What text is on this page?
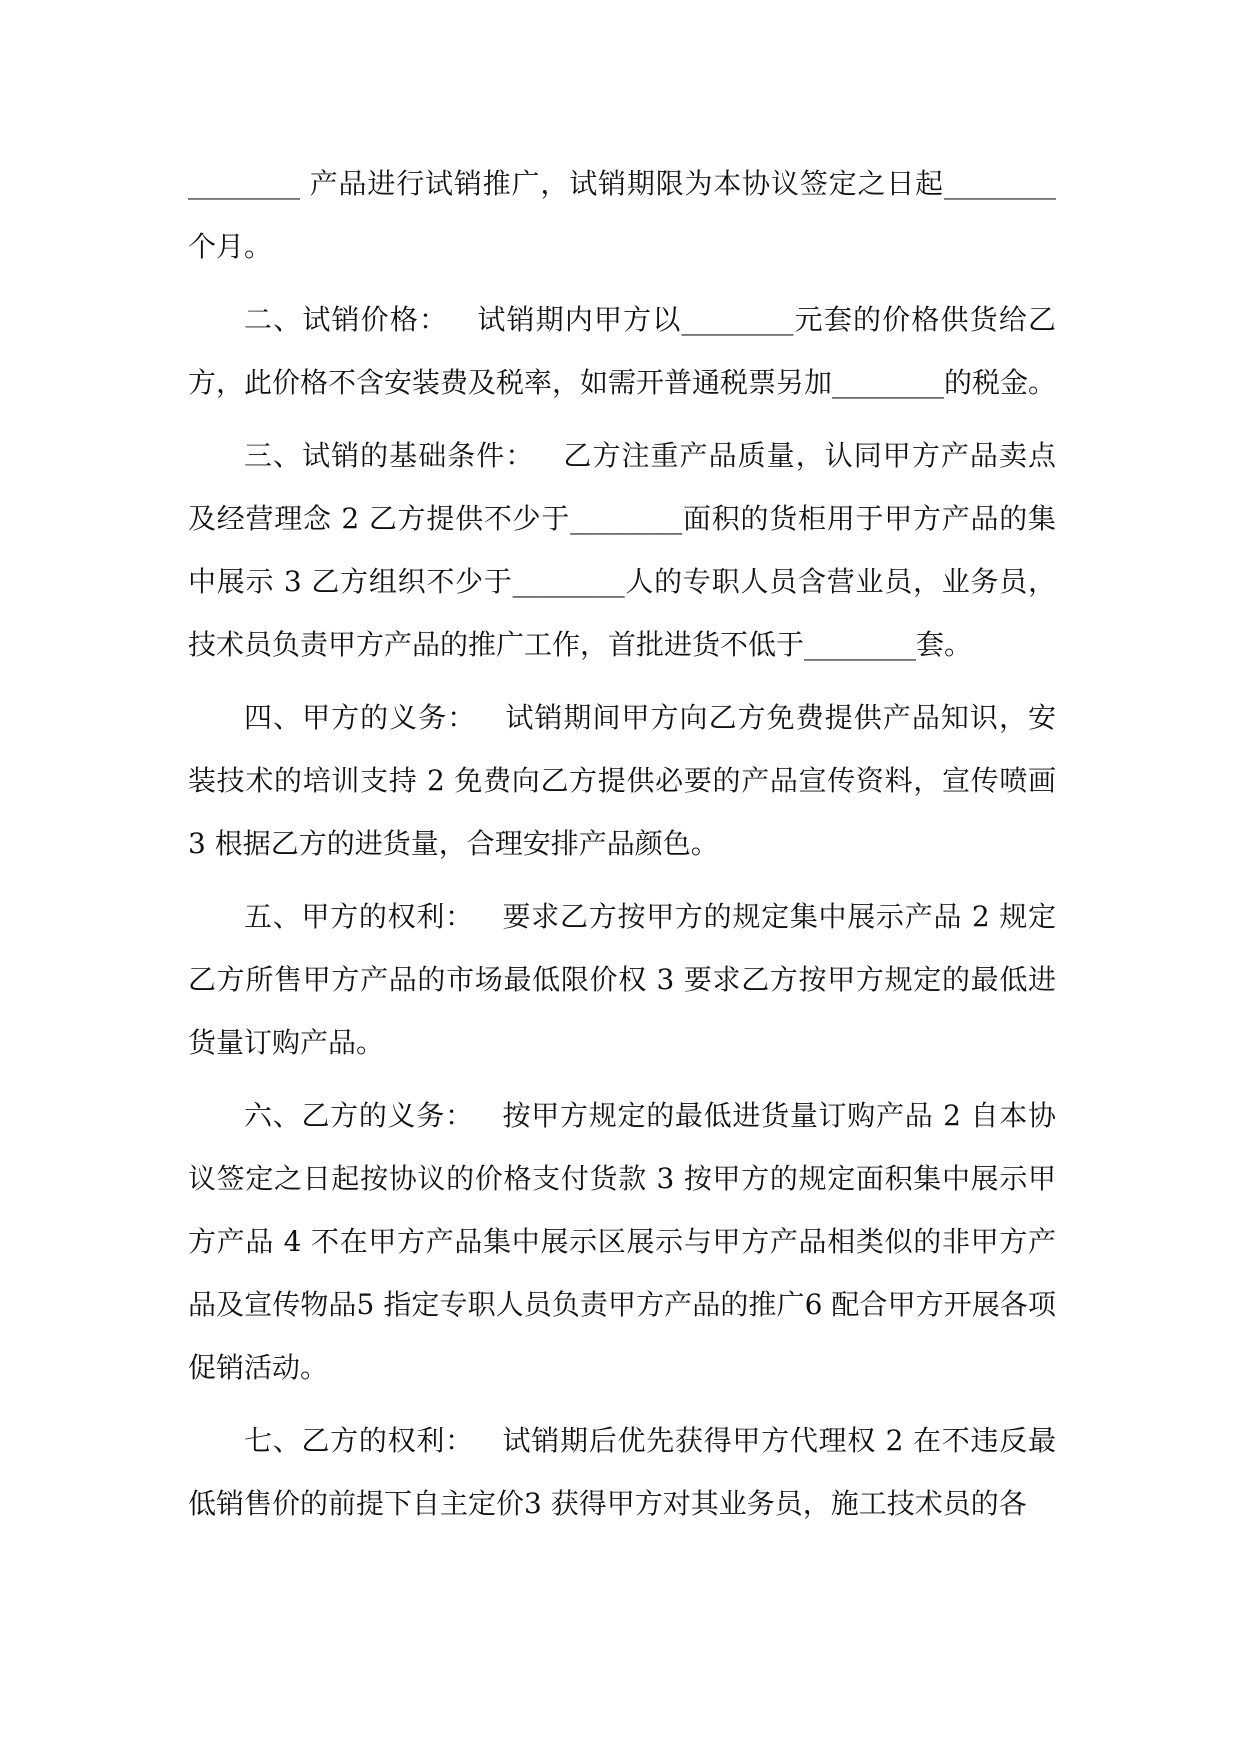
________ 产品进行试销推广，试销期限为本协议签定之日起________个月。

二、试销价格： 试销期内甲方以________元套的价格供货给乙方，此价格不含安装费及税率，如需开普通税票另加________的税金。

三、试销的基础条件： 乙方注重产品质量，认同甲方产品卖点及经营理念 2 乙方提供不少于________面积的货柜用于甲方产品的集中展示 3 乙方组织不少于________人的专职人员含营业员，业务员，技术员负责甲方产品的推广工作，首批进货不低于________套。

四、甲方的义务： 试销期间甲方向乙方免费提供产品知识，安装技术的培训支持 2 免费向乙方提供必要的产品宣传资料，宣传喷画 3 根据乙方的进货量，合理安排产品颜色。

五、甲方的权利： 要求乙方按甲方的规定集中展示产品 2 规定乙方所售甲方产品的市场最低限价权 3 要求乙方按甲方规定的最低进货量订购产品。

六、乙方的义务： 按甲方规定的最低进货量订购产品 2 自本协议签定之日起按协议的价格支付货款 3 按甲方的规定面积集中展示甲方产品 4 不在甲方产品集中展示区展示与甲方产品相类似的非甲方产品及宣传物品5 指定专职人员负责甲方产品的推广6 配合甲方开展各项促销活动。

七、乙方的权利： 试销期后优先获得甲方代理权 2 在不违反最低销售价的前提下自主定价3 获得甲方对其业务员，施工技术员的各
